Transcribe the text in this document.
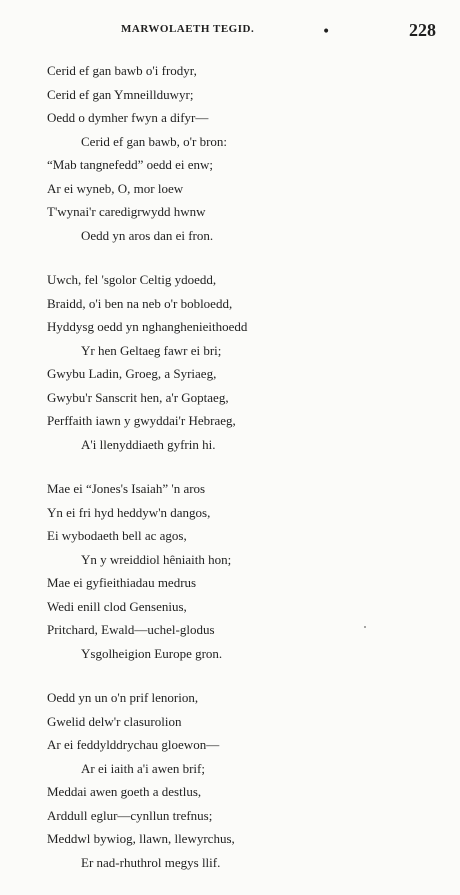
MARWOLAETH TEGID.	•	228
Cerid ef gan bawb o'i frodyr,
Cerid ef gan Ymneillduwyr;
Oedd o dymher fwyn a difyr—
Cerid ef gan bawb, o'r bron:
“Mab tangnefedd” oedd ei enw;
Ar ei wyneb, O, mor loew
T'wynai'r caredigrwydd hwnw
Oedd yn aros dan ei fron.
Uwch, fel 'sgolor Celtig ydoedd,
Braidd, o'i ben na neb o'r bobloedd,
Hyddysg oedd yn nghanghenieithoedd
Yr hen Geltaeg fawr ei bri;
Gwybu Ladin, Groeg, a Syriaeg,
Gwybu'r Sanscrit hen, a'r Goptaeg,
Perffaith iawn y gwyddai'r Hebraeg,
A'i llenyddiaeth gyfrin hi.
Mae ei “Jones's Isaiah” 'n aros
Yn ei fri hyd heddyw'n dangos,
Ei wybodaeth bell ac agos,
Yn y wreiddiol hêniaith hon;
Mae ei gyfieithiadau medrus
Wedi enill clod Gensenius,
Pritchard, Ewald—uchel-glodus
Ysgolheigion Europe gron.
Oedd yn un o'n prif lenorion,
Gwelid delw'r clasurolion
Ar ei feddylddrychau gloewon—
Ar ei iaith a'i awen brif;
Meddai awen goeth a destlus,
Arddull eglur—cynllun trefnus;
Meddwl bywiog, llawn, llewyrchus,
Er nad-rhuthrol megys llif.
